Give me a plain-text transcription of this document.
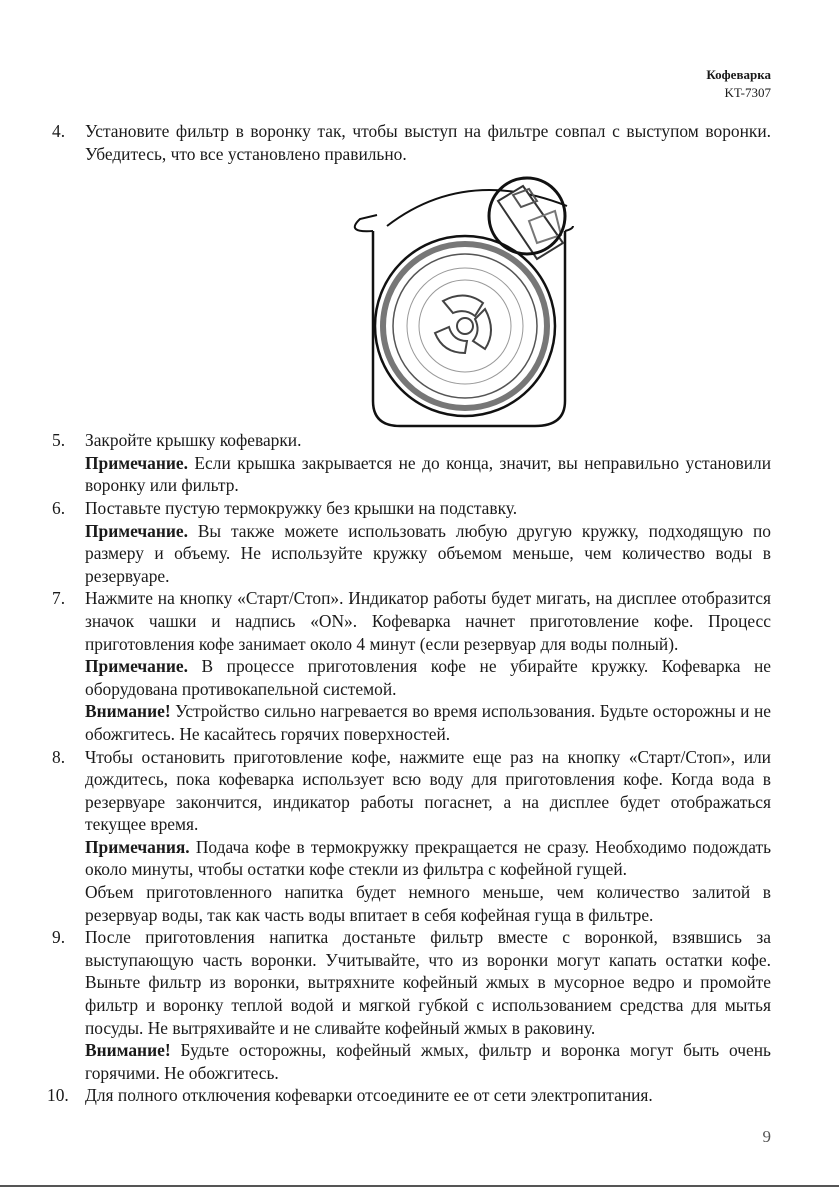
Кофеварка
KT-7307
4. Установите фильтр в воронку так, чтобы выступ на фильтре совпал с выступом воронки. Убедитесь, что все установлено правильно.
5. Закройте крышку кофеварки.
Примечание. Если крышка закрывается не до конца, значит, вы неправильно установили воронку или фильтр.
6. Поставьте пустую термокружку без крышки на подставку.
Примечание. Вы также можете использовать любую другую кружку, подходящую по размеру и объему. Не используйте кружку объемом меньше, чем количество воды в резервуаре.
7. Нажмите на кнопку «Старт/Стоп». Индикатор работы будет мигать, на дисплее отобразится значок чашки и надпись «ON». Кофеварка начнет приготовление кофе. Процесс приготовления кофе занимает около 4 минут (если резервуар для воды полный).
Примечание. В процессе приготовления кофе не убирайте кружку. Кофеварка не оборудована противокапельной системой.
Внимание! Устройство сильно нагревается во время использования. Будьте осторожны и не обожгитесь. Не касайтесь горячих поверхностей.
8. Чтобы остановить приготовление кофе, нажмите еще раз на кнопку «Старт/Стоп», или дождитесь, пока кофеварка использует всю воду для приготовления кофе. Когда вода в резервуаре закончится, индикатор работы погаснет, а на дисплее будет отображаться текущее время.
Примечания. Подача кофе в термокружку прекращается не сразу. Необходимо подождать около минуты, чтобы остатки кофе стекли из фильтра с кофейной гущей.
Объем приготовленного напитка будет немного меньше, чем количество залитой в резервуар воды, так как часть воды впитает в себя кофейная гуща в фильтре.
9. После приготовления напитка достаньте фильтр вместе с воронкой, взявшись за выступающую часть воронки. Учитывайте, что из воронки могут капать остатки кофе. Выньте фильтр из воронки, вытряхните кофейный жмых в мусорное ведро и промойте фильтр и воронку теплой водой и мягкой губкой с использованием средства для мытья посуды. Не вытряхивайте и не сливайте кофейный жмых в раковину.
Внимание! Будьте осторожны, кофейный жмых, фильтр и воронка могут быть очень горячими. Не обожгитесь.
10. Для полного отключения кофеварки отсоедините ее от сети электропитания.
9
